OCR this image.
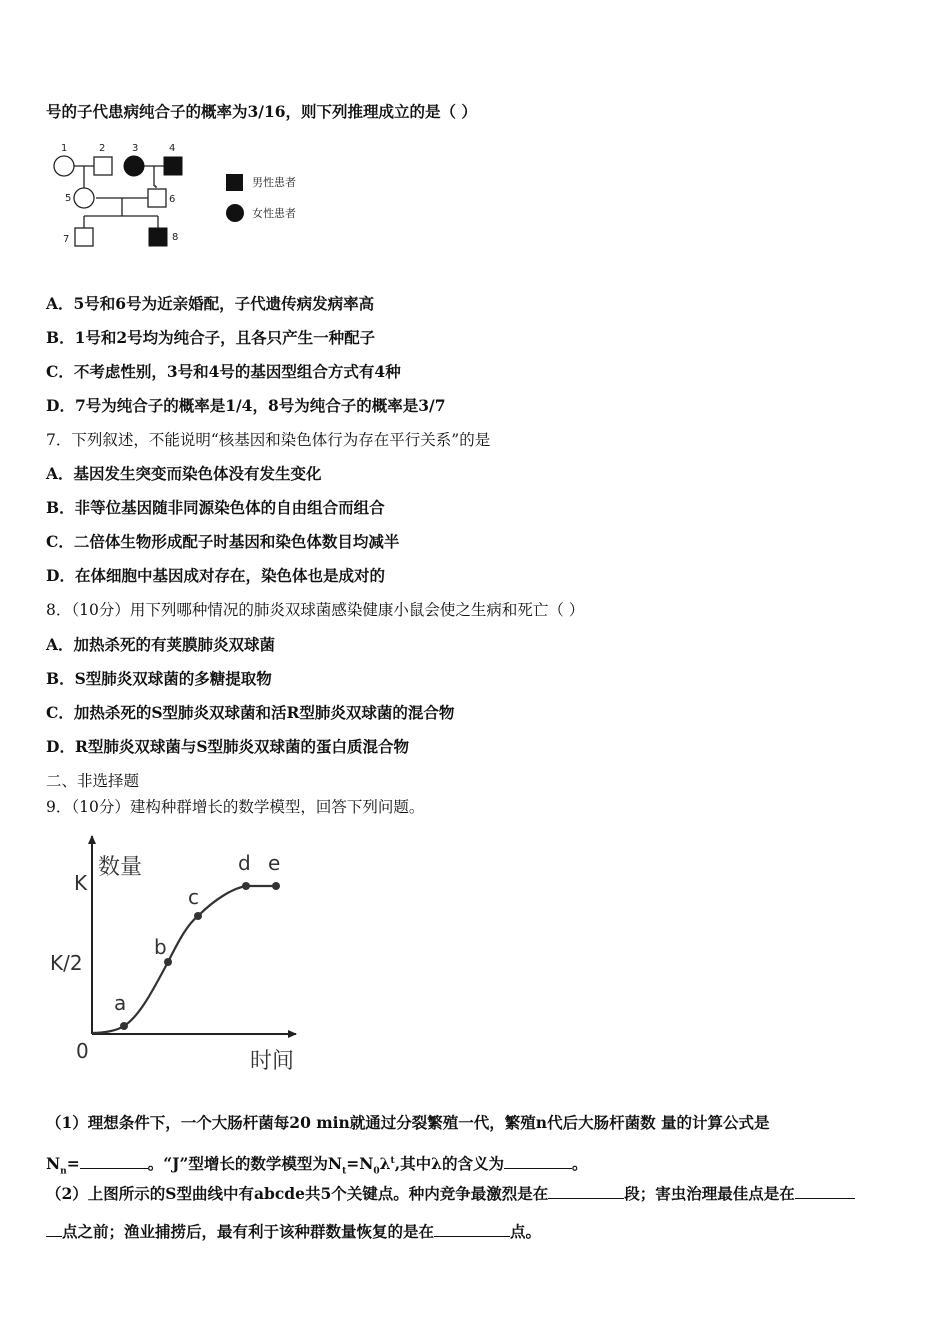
号的子代患病纯合子的概率为3/16，则下列推理成立的是（ ）
1	2	3	4
5	6
7	8
男性患者
女性患者
A．5号和6号为近亲婚配，子代遗传病发病率高
B．1号和2号均为纯合子，且各只产生一种配子
C．不考虑性别，3号和4号的基因型组合方式有4种
D．7号为纯合子的概率是1/4，8号为纯合子的概率是3/7
7．下列叙述，不能说明“核基因和染色体行为存在平行关系”的是
A．基因发生突变而染色体没有发生变化
B．非等位基因随非同源染色体的自由组合而组合
C．二倍体生物形成配子时基因和染色体数目均减半
D．在体细胞中基因成对存在，染色体也是成对的
8．（10分）用下列哪种情况的肺炎双球菌感染健康小鼠会使之生病和死亡（ ）
A．加热杀死的有荚膜肺炎双球菌
B．S型肺炎双球菌的多糖提取物
C．加热杀死的S型肺炎双球菌和活R型肺炎双球菌的混合物
D．R型肺炎双球菌与S型肺炎双球菌的蛋白质混合物
二、非选择题
9．（10分）建构种群增长的数学模型，回答下列问题。
数量
时间
K
K/2
0
a
b
c
d e
（1）理想条件下，一个大肠杆菌每20 min就通过分裂繁殖一代，繁殖n代后大肠杆菌数 量的计算公式是
$N_n=$	。“J”型增长的数学模型为$N_t=N_0\lambda^t$,其中λ的含义为	。
（2）上图所示的S型曲线中有abcde共5个关键点。种内竞争最激烈是在	段；害虫治理最佳点是在
点之前；渔业捕捞后，最有利于该种群数量恢复的是在	点。
